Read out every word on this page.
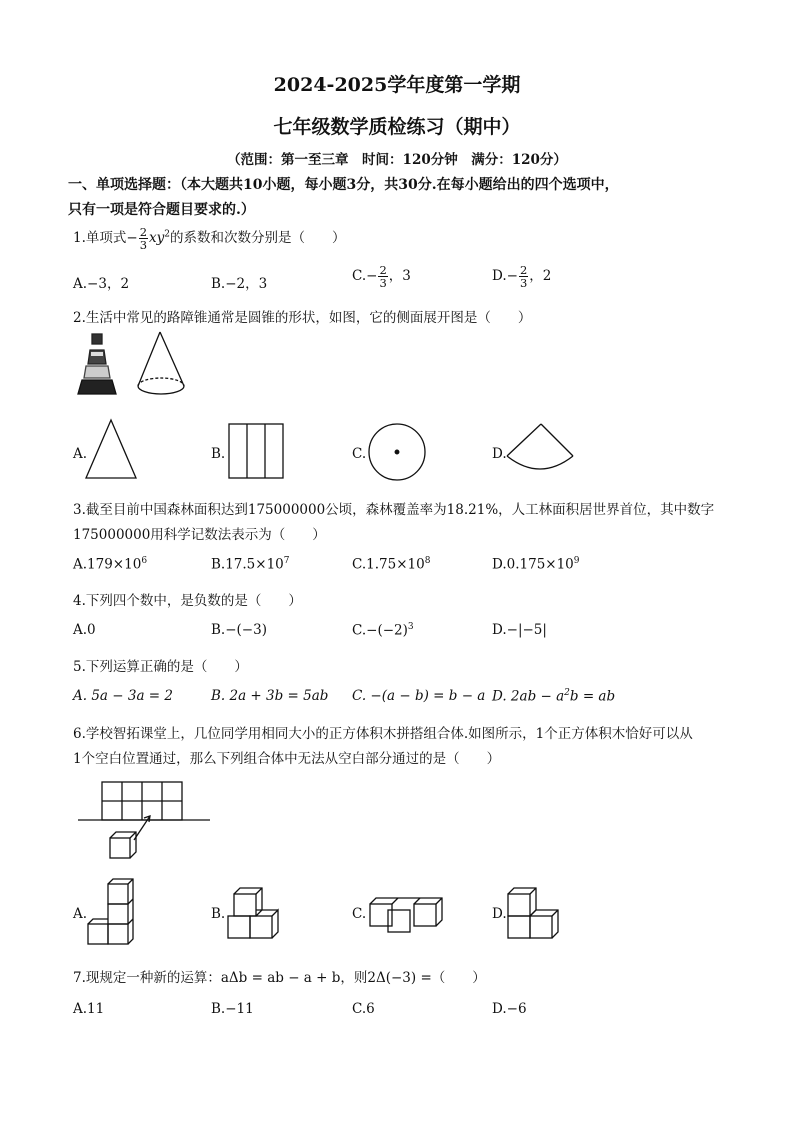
2024-2025学年度第一学期
七年级数学质检练习（期中）
（范围：第一至三章　时间：120分钟　满分：120分）
一、单项选择题：（本大题共10小题，每小题3分，共30分.在每小题给出的四个选项中，
只有一项是符合题目要求的.）
1.单项式− $\frac{2}{3} xy^2$的系数和次数分别是（　　）
A.−3，2	B.−2，3	$C.- \frac{2}{3}$ ，3	$D.- \frac{2}{3}$ ，2
2.生活中常见的路障锥通常是圆锥的形状，如图，它的侧面展开图是（　　）
A.	B.	C.	D.
3.截至目前中国森林面积达到175000000公顷，森林覆盖率为18.21%，人工林面积居世界首位，其中数字
175000000用科学记数法表示为（　　）
$A.179\times 10^6$	$B.17.5\times 10^7$	$C.1.75\times 10^8$	$D.0.175\times 10^9$
4.下列四个数中，是负数的是（　　）
A.0	B.−(−3)	$C.-(-2)^3$	D.−|−5|
5.下列运算正确的是（　　）
A. 5a − 3a = 2	B. 2a + 3b = 5ab C. −(a − b) = b − a D. $2ab - a^2b$ = ab
6.学校智拓课堂上，几位同学用相同大小的正方体积木拼搭组合体.如图所示，1个正方体积木恰好可以从
1个空白位置通过，那么下列组合体中无法从空白部分通过的是（　　）
A.	B.	C.	D.
7.现规定一种新的运算：aΔb = ab − a + b，则2Δ(−3) =（　　）
A.11	B.−11	C.6	D.−6
